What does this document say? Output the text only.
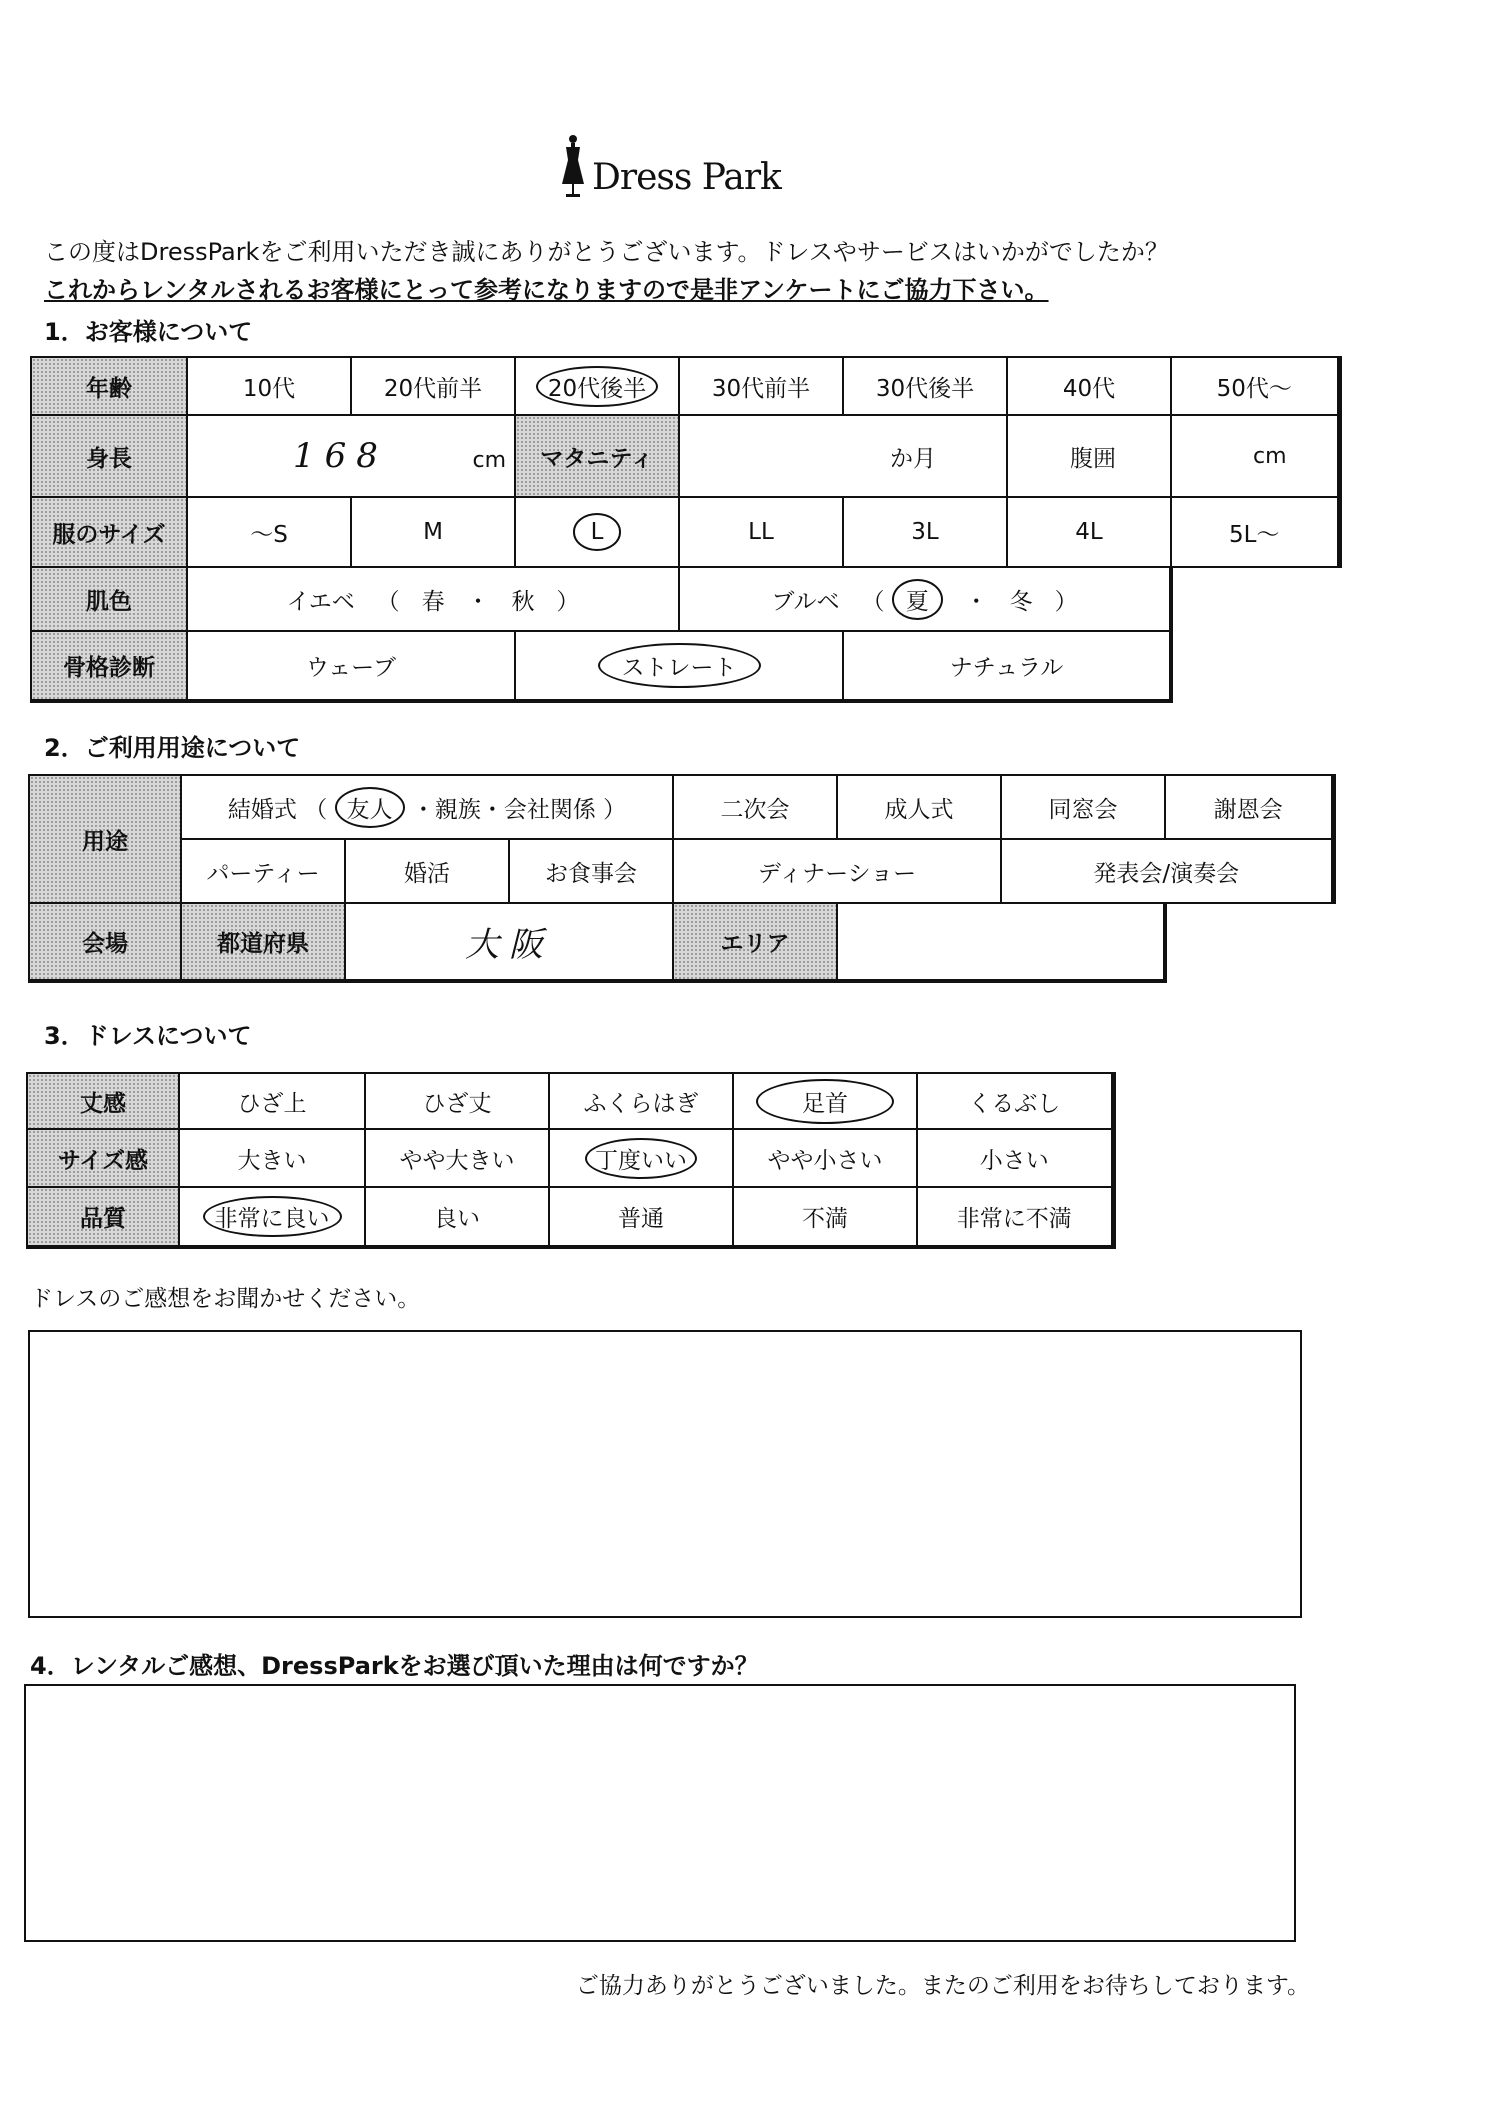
Dress Park
この度はDressParkをご利用いただき誠にありがとうございます。ドレスやサービスはいかがでしたか？
これからレンタルされるお客様にとって参考になりますので是非アンケートにご協力下さい。
1．お客様について
年齢	10代	20代前半	20代後半	30代前半	30代後半	40代	50代～
身長	168 cm		マタニティ	か月		腹囲	cm
服のサイズ	～S	M	L	LL	3L	4L	5L～
肌色	イエベ （ 春 ・ 秋 ）			ブルベ （ 夏 ・ 冬 ）			
骨格診断	ウェーブ		ストレート		ナチュラル		
2．ご利用用途について
用途	結婚式 （ 友人 ・親族・会社関係 ）			二次会	成人式	同窓会	謝恩会
	パーティー	婚活	お食事会	ディナーショー		発表会/演奏会	
会場	都道府県	大阪		エリア			
3．ドレスについて
丈感	ひざ上	ひざ丈	ふくらはぎ	足首	くるぶし
サイズ感	大きい	やや大きい	丁度いい	やや小さい	小さい
品質	非常に良い	良い	普通	不満	非常に不満
ドレスのご感想をお聞かせください。
4．レンタルご感想、DressParkをお選び頂いた理由は何ですか？
ご協力ありがとうございました。またのご利用をお待ちしております。
